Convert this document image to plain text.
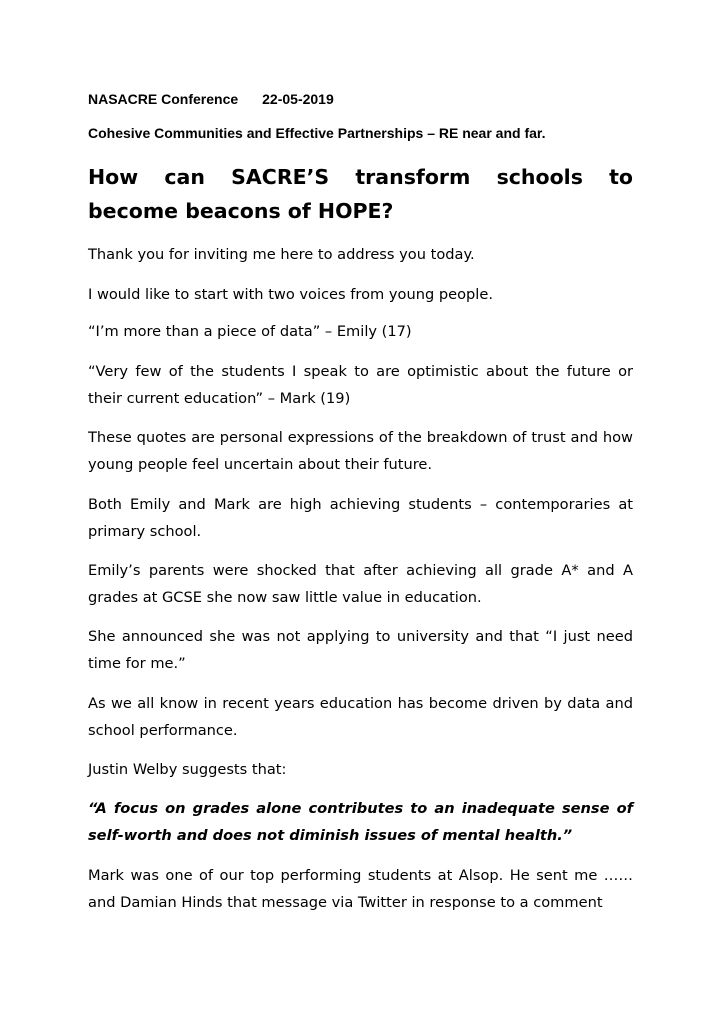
NASACRE Conference 22-05-2019
Cohesive Communities and Effective Partnerships – RE near and far.
How can SACRE’S transform schools to become beacons of HOPE?
Thank you for inviting me here to address you today.
I would like to start with two voices from young people.
“I’m more than a piece of data” – Emily (17)
“Very few of the students I speak to are optimistic about the future or their current education” – Mark (19)
These quotes are personal expressions of the breakdown of trust and how young people feel uncertain about their future.
Both Emily and Mark are high achieving students – contemporaries at primary school.
Emily’s parents were shocked that after achieving all grade A* and A grades at GCSE she now saw little value in education.
She announced she was not applying to university and that “I just need time for me.”
As we all know in recent years education has become driven by data and school performance.
Justin Welby suggests that:
“A focus on grades alone contributes to an inadequate sense of self-worth and does not diminish issues of mental health.”
Mark was one of our top performing students at Alsop. He sent me …… and Damian Hinds that message via Twitter in response to a comment
